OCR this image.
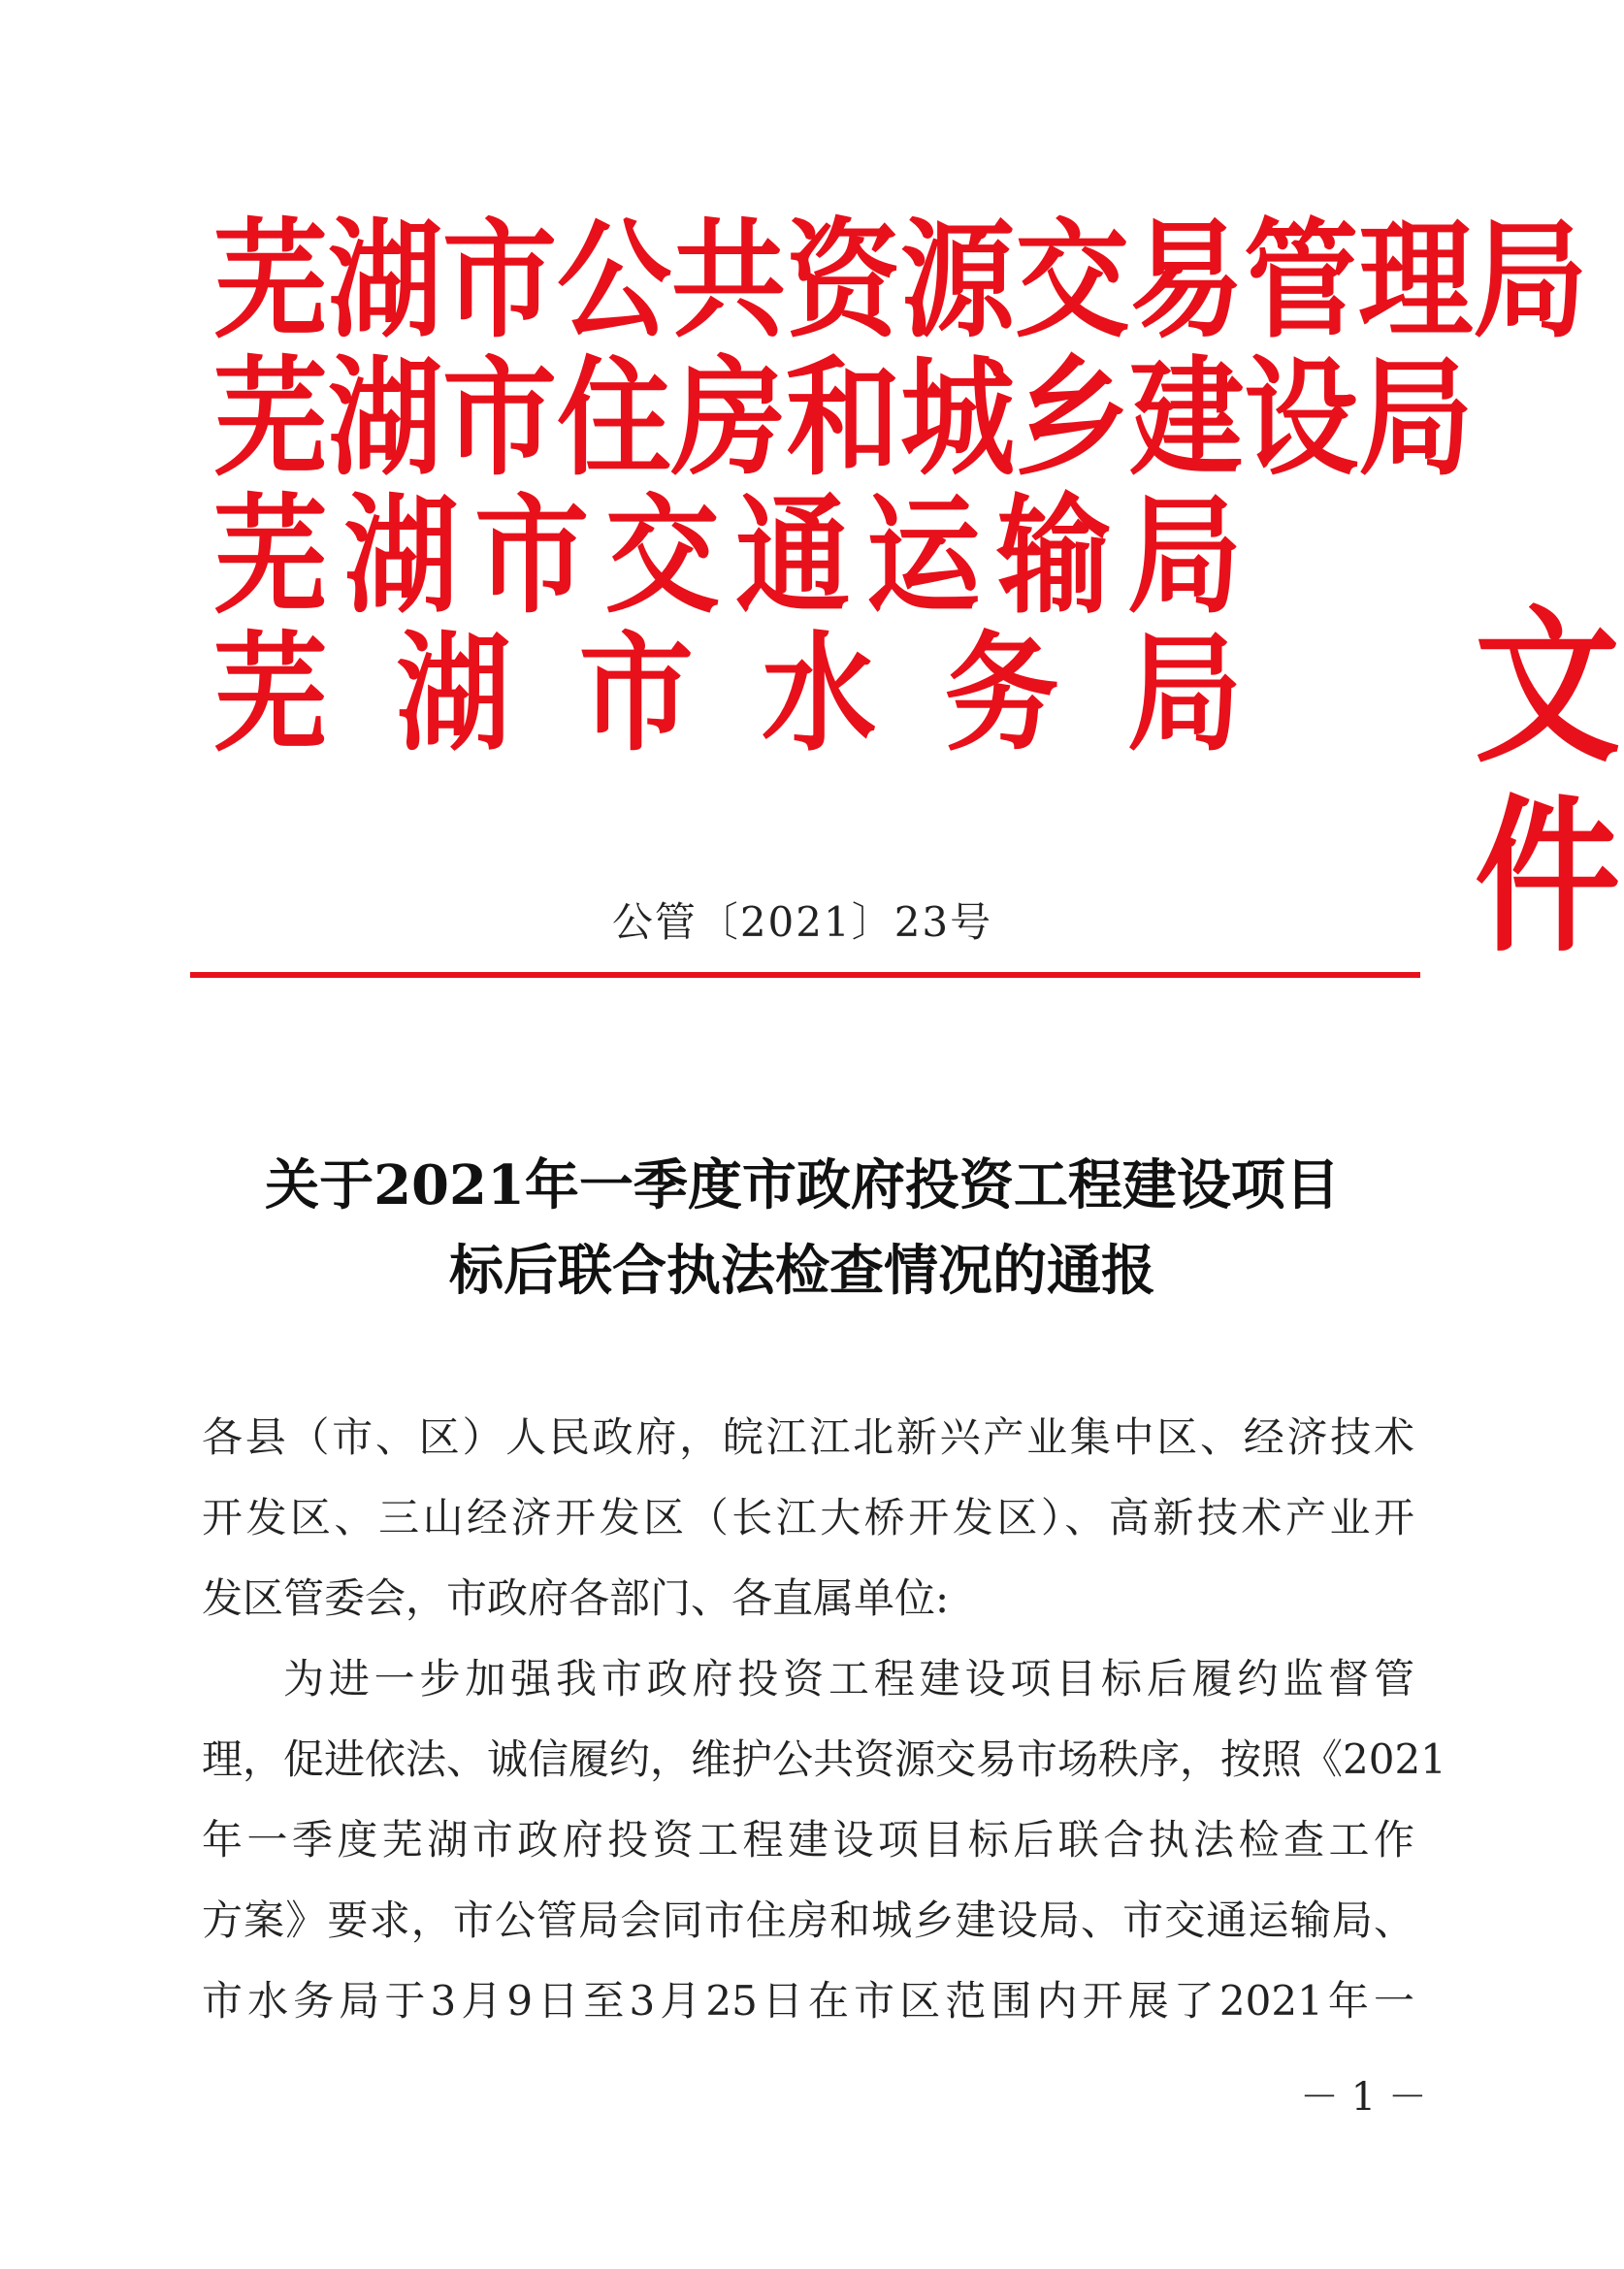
芜 湖 市 公 共 资 源 交 易 管 理 局
芜 湖 市 住 房 和 城 乡 建 设 局
芜 湖 市 交 通 运 输 局
芜 湖 市 水 务 局 文件
公管〔2021〕23号
关于2021年一季度市政府投资工程建设项目
标后联合执法检查情况的通报
各县（市、区）人民政府，皖江江北新兴产业集中区、经济技术
开发区、三山经济开发区（长江大桥开发区）、高新技术产业开
发区管委会，市政府各部门、各直属单位:
为进一步加强我市政府投资工程建设项目标后履约监督管
理，促进依法、诚信履约，维护公共资源交易市场秩序，按照《2021
年一季度芜湖市政府投资工程建设项目标后联合执法检查工作
方案》要求，市公管局会同市住房和城乡建设局、市交通运输局、
市水务局于3月9日至3月25日在市区范围内开展了2021年一
－ 1 －
